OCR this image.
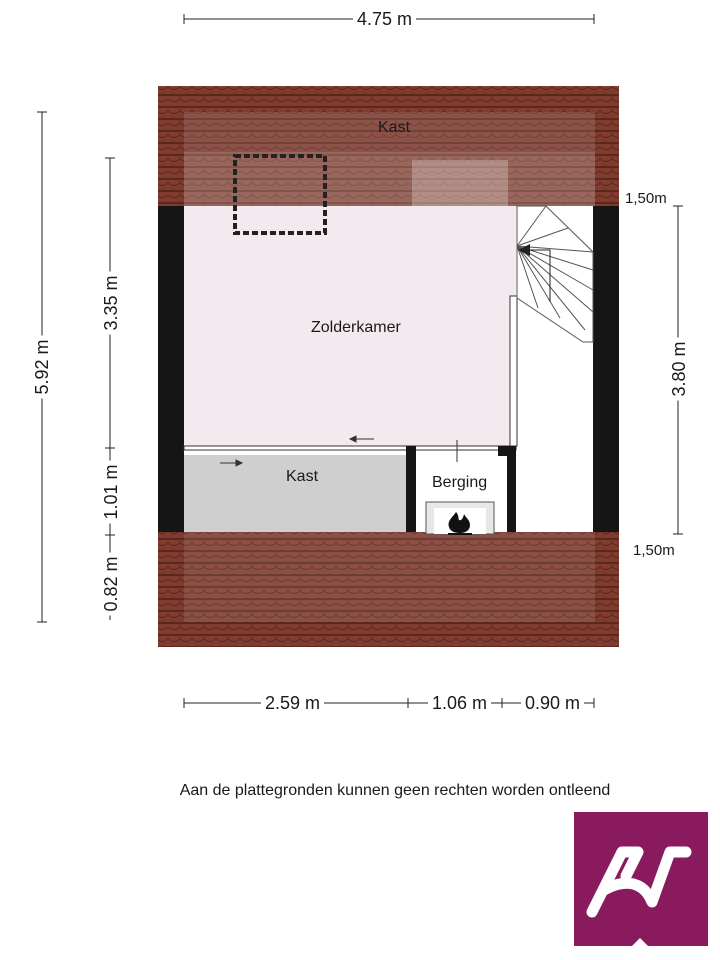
Kast
Zolderkamer
Kast	Berging
4.75 m
5.92 m
3.35 m
1.01 m
0.82 m
3.80 m
2.59 m	1.06 m 0.90 m
1,50m
1,50m
Aan de plattegronden kunnen geen rechten worden ontleend
